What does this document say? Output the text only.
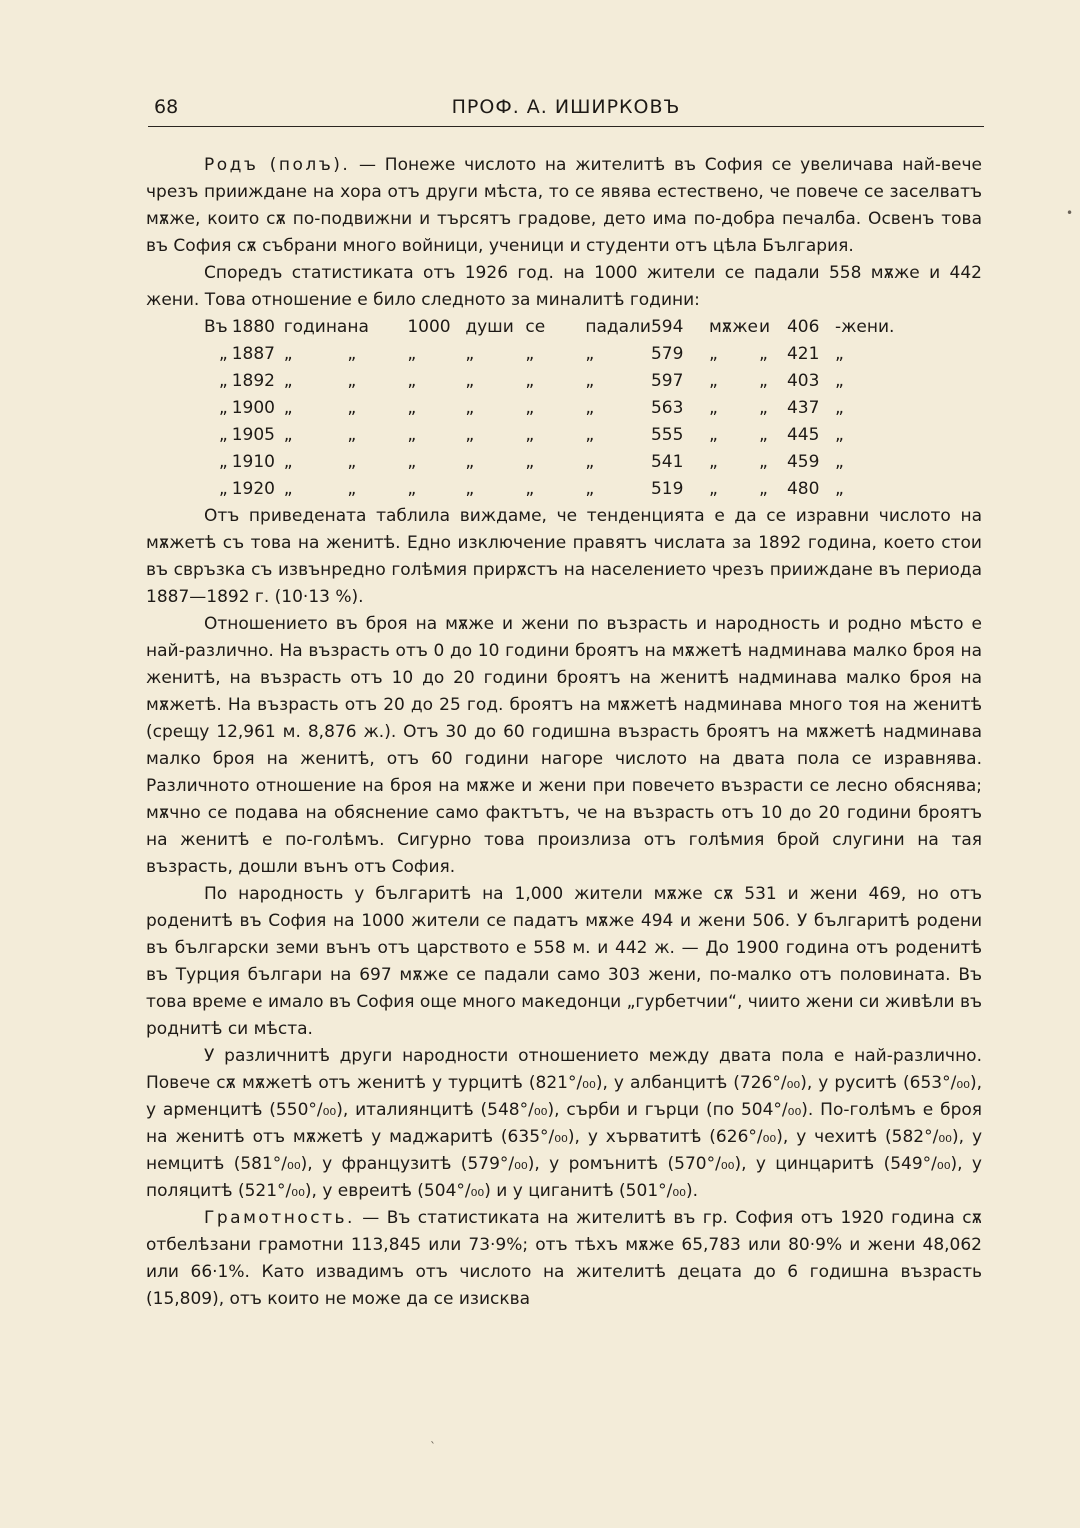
68	ПРОФ. А. ИШИРКОВЪ

Родъ (полъ). — Понеже числото на жителитѣ въ София се увеличава най-вече чрезъ прииждане на хора отъ други мѣста, то се явява естествено, че повече се заселватъ мѫже, които сѫ по-подвижни и търсятъ градове, дето има по-добра печалба. Освенъ това въ София сѫ събрани много войници, ученици и студенти отъ цѣла България.

Споредъ статистиката отъ 1926 год. на 1000 жители се падали 558 мѫже и 442 жени. Това отношение е било следното за миналитѣ години:

Въ	1880	година	на	1000	души	се	падали	594	мѫже	и	406	-жени.
„	1887	„	„	„	„	„	„	579	„	„	421	„
„	1892	„	„	„	„	„	„	597	„	„	403	„
„	1900	„	„	„	„	„	„	563	„	„	437	„
„	1905	„	„	„	„	„	„	555	„	„	445	„
„	1910	„	„	„	„	„	„	541	„	„	459	„
„	1920	„	„	„	„	„	„	519	„	„	480	„

Отъ приведената таблила виждаме, че тенденцията е да се изравни числото на мѫжетѣ съ това на женитѣ. Едно изключение правятъ числата за 1892 година, което стои въ свръзка съ извънредно голѣмия прирѫстъ на населението чрезъ прииждане въ периода 1887—1892 г. (10·13 %).

Отношението въ броя на мѫже и жени по възрасть и народность и родно мѣсто е най-различно. На възрасть отъ 0 до 10 години броятъ на мѫжетѣ надминава малко броя на женитѣ, на възрасть отъ 10 до 20 години броятъ на женитѣ надминава малко броя на мѫжетѣ. На възрасть отъ 20 до 25 год. броятъ на мѫжетѣ надминава много тоя на женитѣ (срещу 12,961 м. 8,876 ж.). Отъ 30 до 60 годишна възрасть броятъ на мѫжетѣ надминава малко броя на женитѣ, отъ 60 години нагоре числото на двата пола се изравнява. Различното отношение на броя на мѫже и жени при повечето възрасти се лесно обяснява; мѫчно се подава на обяснение само фактътъ, че на възрасть отъ 10 до 20 години броятъ на женитѣ е по-голѣмъ. Сигурно това произлиза отъ голѣмия брой слугини на тая възрасть, дошли вънъ отъ София.

По народность у българитѣ на 1,000 жители мѫже сѫ 531 и жени 469, но отъ роденитѣ въ София на 1000 жители се падатъ мѫже 494 и жени 506. У българитѣ родени въ български земи вънъ отъ царството е 558 м. и 442 ж. — До 1900 година отъ роденитѣ въ Турция българи на 697 мѫже се падали само 303 жени, по-малко отъ половината. Въ това време е имало въ София още много македонци „гурбетчии“, чиито жени си живѣли въ роднитѣ си мѣста.

У различнитѣ други народности отношението между двата пола е най-различно. Повече сѫ мѫжетѣ отъ женитѣ у турцитѣ (821°/₀₀), у албанцитѣ (726°/₀₀), у руситѣ (653°/₀₀), у арменцитѣ (550°/₀₀), италиянцитѣ (548°/₀₀), сърби и гърци (по 504°/₀₀). По-голѣмъ е броя на женитѣ отъ мѫжетѣ у маджаритѣ (635°/₀₀), у хърватитѣ (626°/₀₀), у чехитѣ (582°/₀₀), у немцитѣ (581°/₀₀), у французитѣ (579°/₀₀), у ромънитѣ (570°/₀₀), у цинцаритѣ (549°/₀₀), у поляцитѣ (521°/₀₀), у евреитѣ (504°/₀₀) и у циганитѣ (501°/₀₀).

Грамотность. — Въ статистиката на жителитѣ въ гр. София отъ 1920 година сѫ отбелѣзани грамотни 113,845 или 73·9%; отъ тѣхъ мѫже 65,783 или 80·9% и жени 48,062 или 66·1%. Като извадимъ отъ числото на жителитѣ децата до 6 годишна възрасть (15,809), отъ които не може да се изисква

•
`
